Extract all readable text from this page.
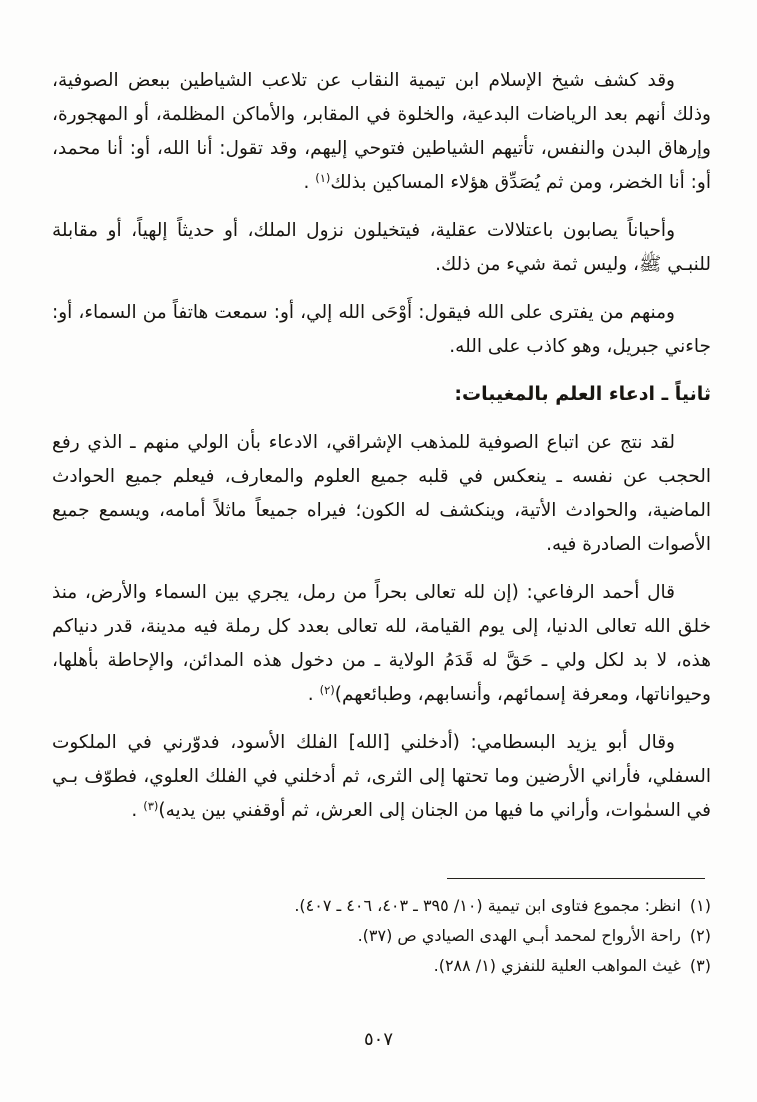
وقد كشف شيخ الإسلام ابن تيمية النقاب عن تلاعب الشياطين ببعض الصوفية، وذلك أنهم بعد الرياضات البدعية، والخلوة في المقابر، والأماكن المظلمة، أو المهجورة، وإرهاق البدن والنفس، تأتيهم الشياطين فتوحي إليهم، وقد تقول: أنا الله، أو: أنا محمد، أو: أنا الخضر، ومن ثم يُصَدِّق هؤلاء المساكين بذلك$^{(١)}$ .

وأحياناً يصابون باعتلالات عقلية، فيتخيلون نزول الملك، أو حديثاً إلهياً، أو مقابلة للنبـي ﷺ، وليس ثمة شيء من ذلك.

ومنهم من يفترى على الله فيقول: أَوْحَى الله إلي، أو: سمعت هاتفاً من السماء، أو: جاءني جبريل، وهو كاذب على الله.

ثانياً ـ ادعاء العلم بالمغيبات:

لقد نتج عن اتباع الصوفية للمذهب الإشراقي، الادعاء بأن الولي منهم ـ الذي رفع الحجب عن نفسه ـ ينعكس في قلبه جميع العلوم والمعارف، فيعلم جميع الحوادث الماضية، والحوادث الأتية، وينكشف له الكون؛ فيراه جميعاً ماثلاً أمامه، ويسمع جميع الأصوات الصادرة فيه.

قال أحمد الرفاعي: (إن لله تعالى بحراً من رمل، يجري بين السماء والأرض، منذ خلق الله تعالى الدنيا، إلى يوم القيامة، لله تعالى بعدد كل رملة فيه مدينة، قدر دنياكم هذه، لا بد لكل ولي ـ حَقَّ له قَدَمُ الولاية ـ من دخول هذه المدائن، والإحاطة بأهلها، وحيواناتها، ومعرفة إسمائهم، وأنسابهم، وطبائعهم)$^{(٢)}$ .

وقال أبو يزيد البسطامي: (أدخلني [الله] الفلك الأسود، فدوّرني في الملكوت السفلي، فأراني الأرضين وما تحتها إلى الثرى، ثم أدخلني في الفلك العلوي، فطوّف بـي في السمٰوات، وأراني ما فيها من الجنان إلى العرش، ثم أوقفني بين يديه)$^{(٣)}$ .

(١)
انظر: مجموع فتاوى ابن تيمية (١٠/ ٣٩٥ ـ ٤٠٣، ٤٠٦ ـ ٤٠٧).
(٢)
راحة الأرواح لمحمد أبـي الهدى الصيادي ص (٣٧).
(٣)
غيث المواهب العلية للنفزي (١/ ٢٨٨).
٥٠٧
